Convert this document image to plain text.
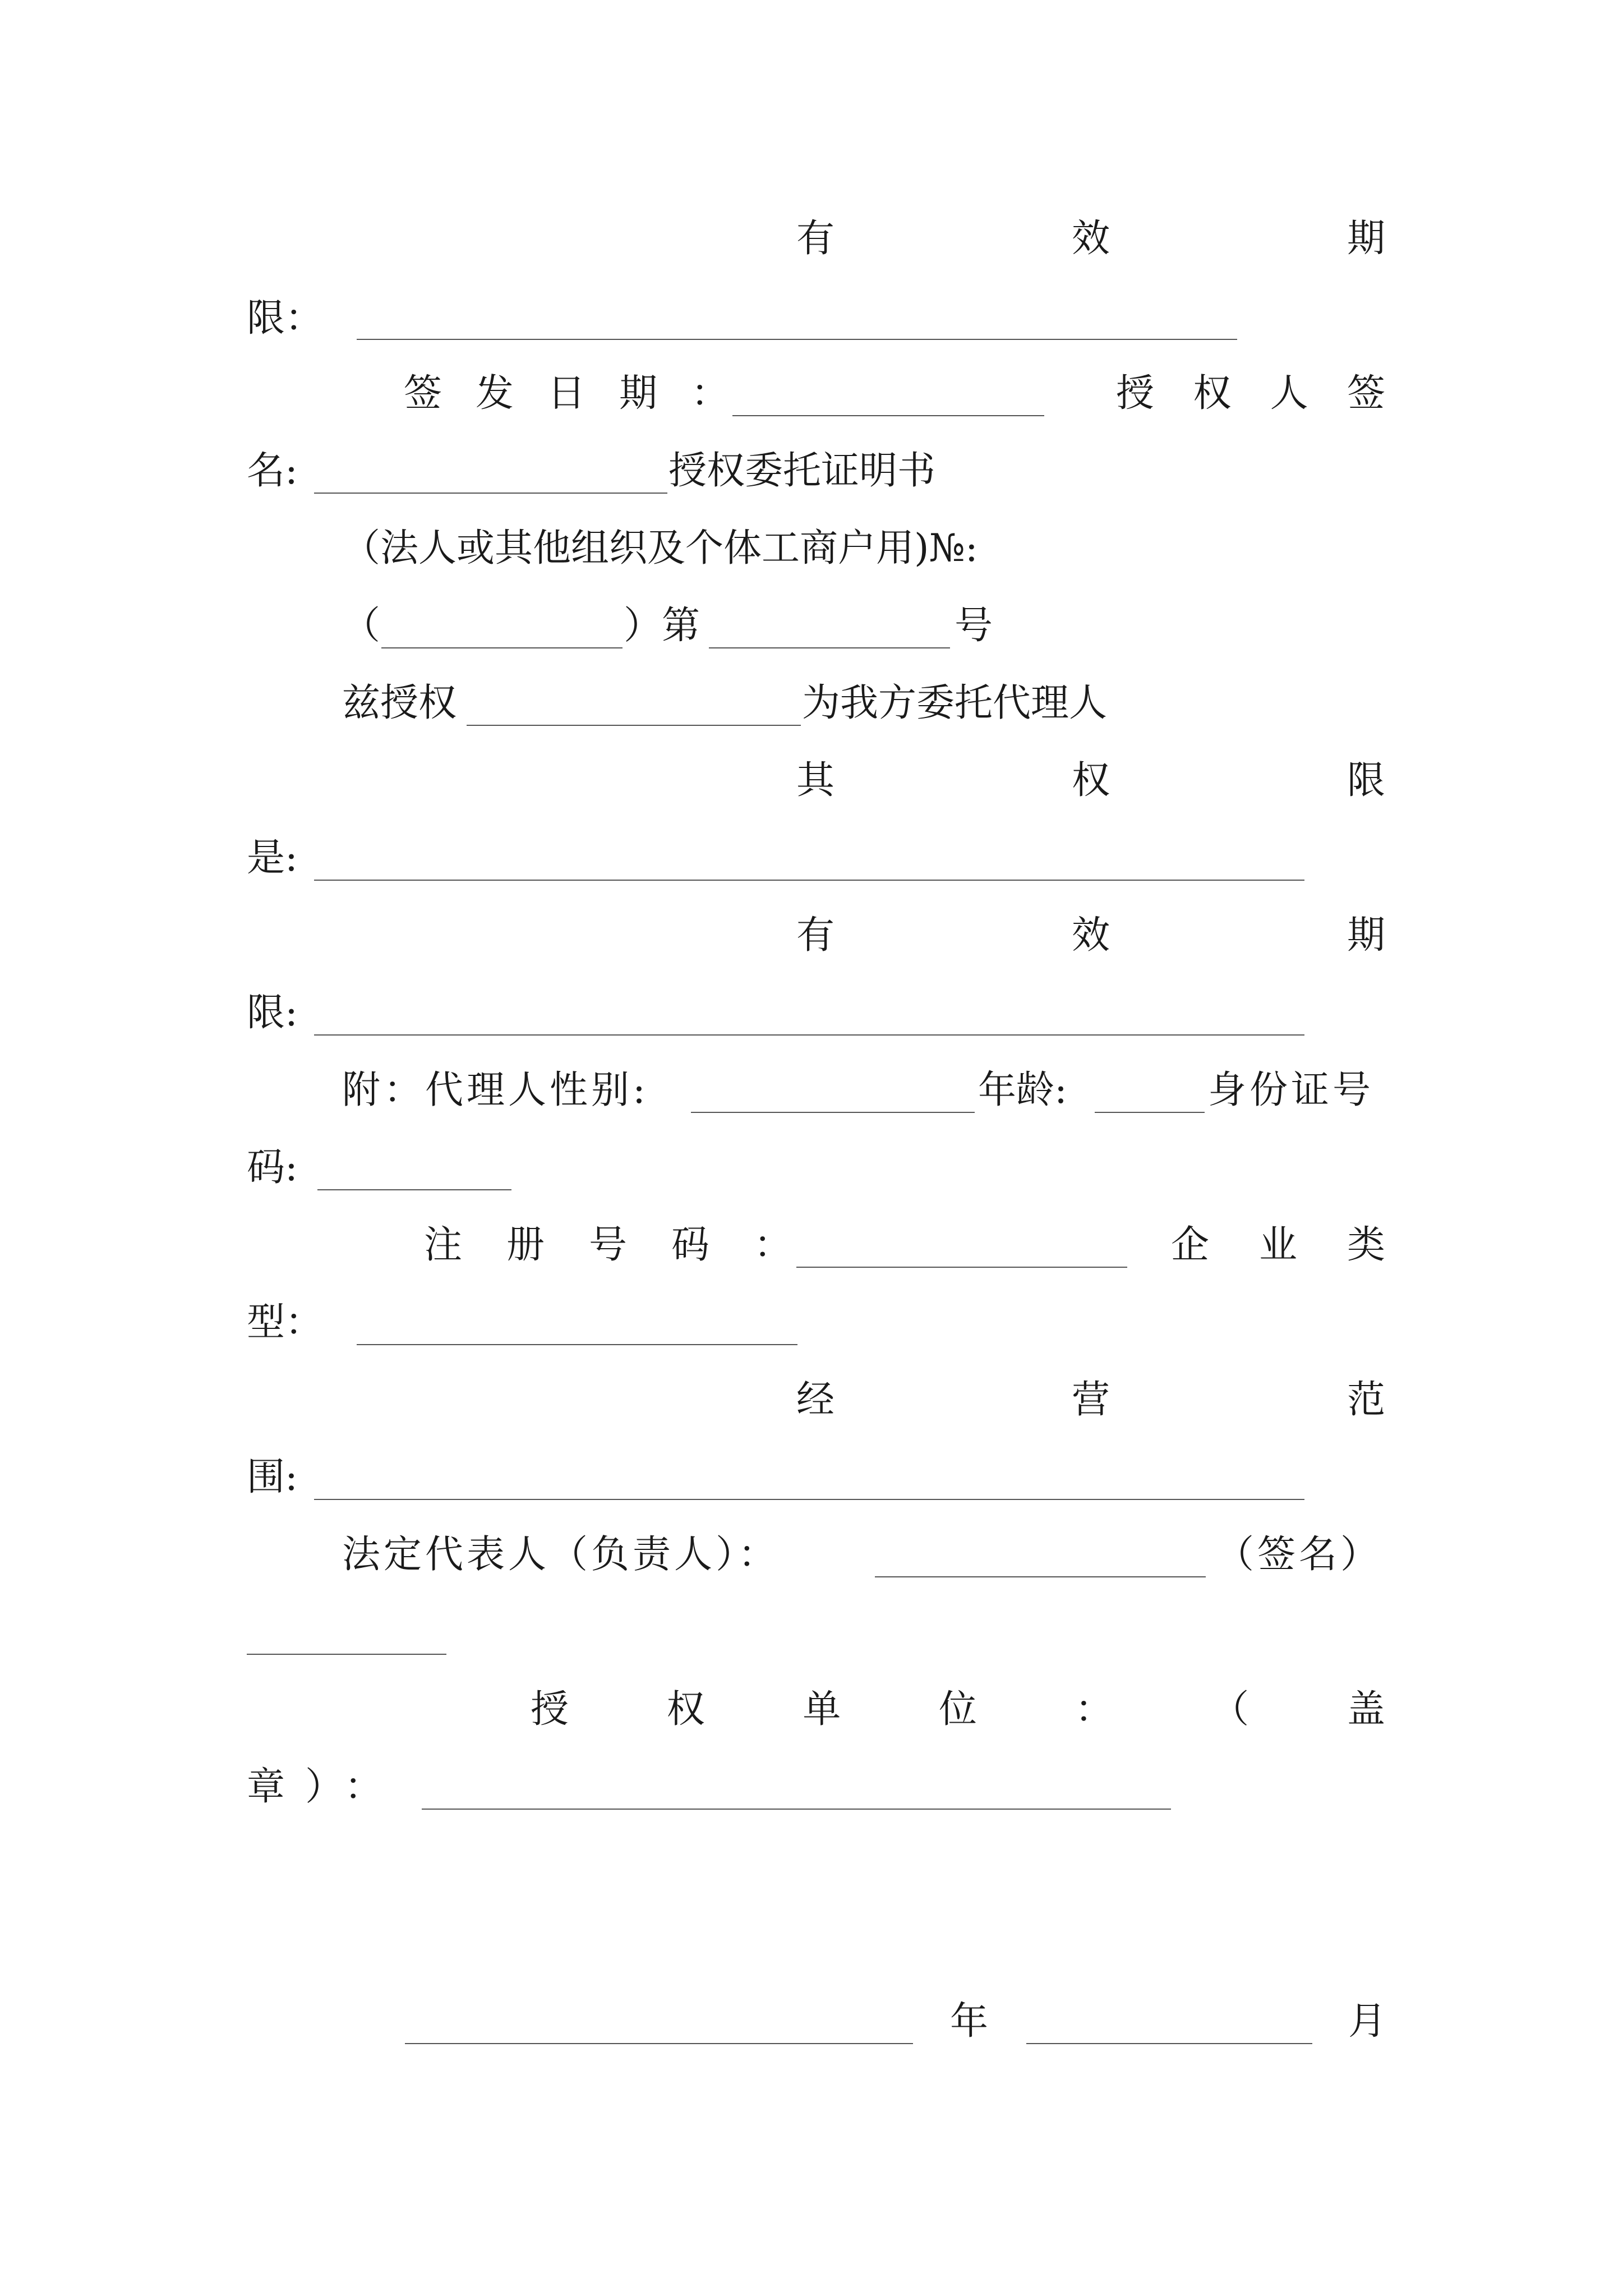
有	效	期
限：
签 发 日 期 ：	授 权 人 签
名:	授权委托证明书
（法人或其他组织及个体工商户用)№:
（	）第	号
兹授权	为我方委托代理人
其	权	限
是:
有	效	期
限:
附：代理人性别:	年龄:	身份证号
码:
注 册 号 码 ：	企 业 类
型：
经	营	范
围:
法定代表人（负责人）：	（签名）
授	权	单	位	：	（	盖
章）：
年	月
